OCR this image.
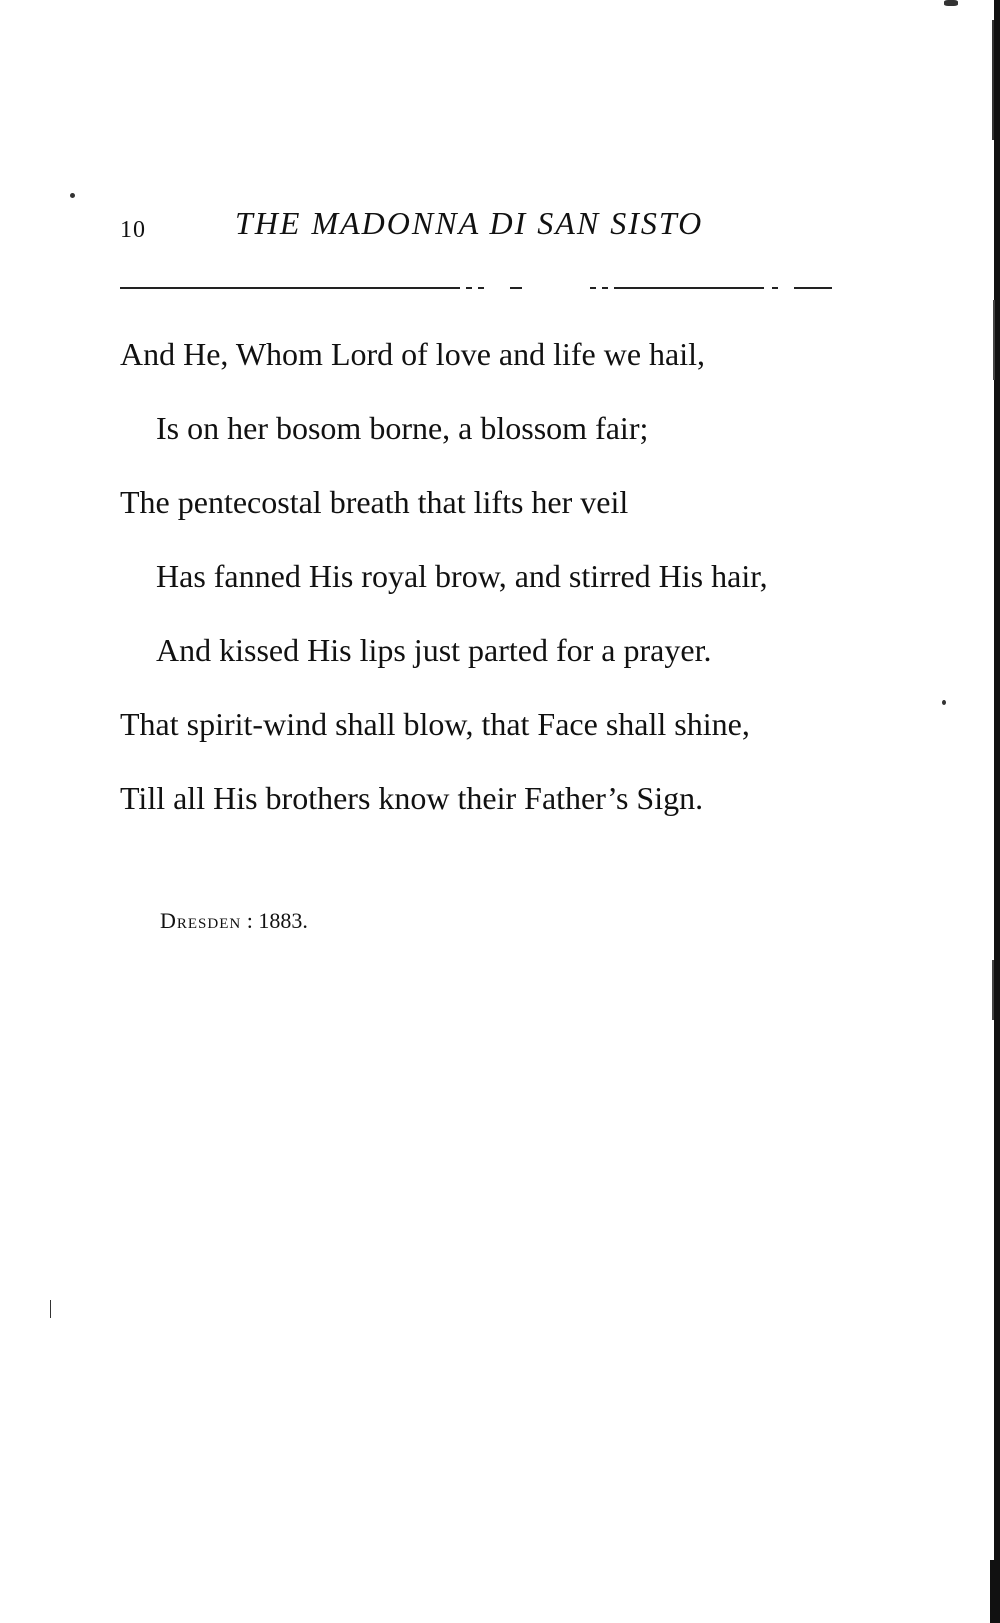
10	THE MADONNA DI SAN SISTO
And He, Whom Lord of love and life we hail,
Is on her bosom borne, a blossom fair;
The pentecostal breath that lifts her veil
Has fanned His royal brow, and stirred His hair,
And kissed His lips just parted for a prayer.
That spirit-wind shall blow, that Face shall shine,
Till all His brothers know their Father’s Sign.
Dresden : 1883.
